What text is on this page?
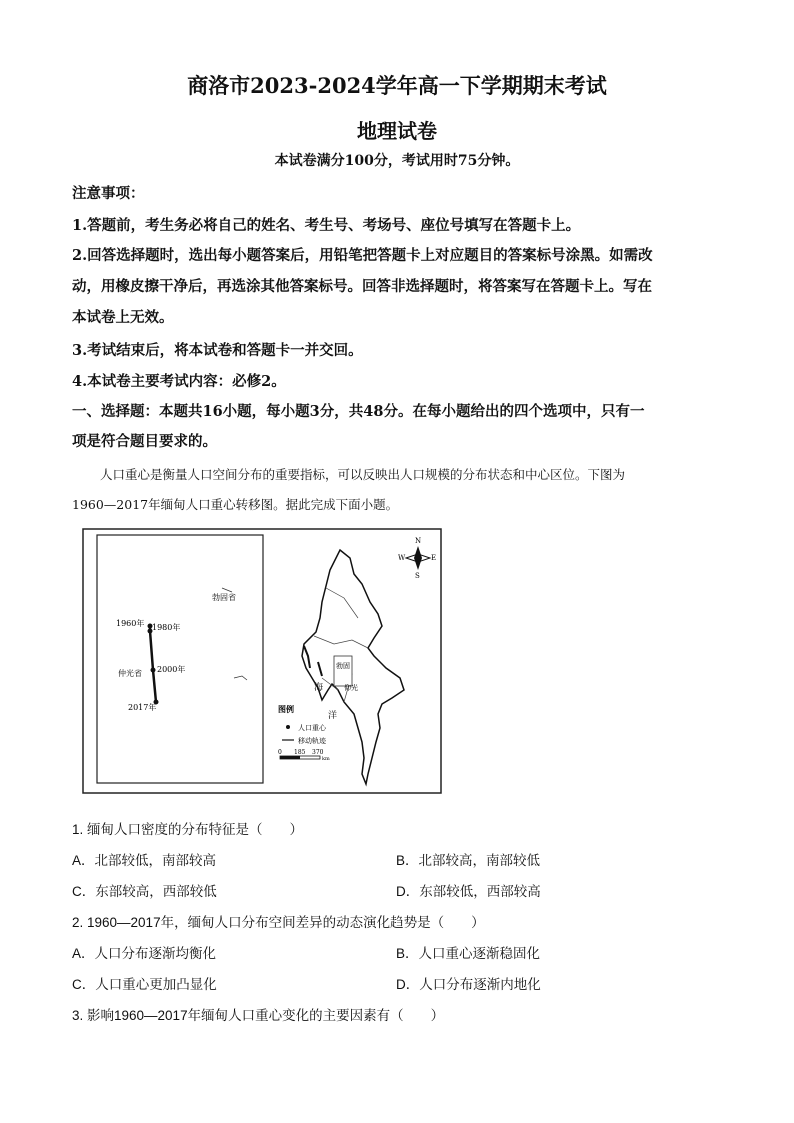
商洛市2023-2024学年高一下学期期末考试
地理试卷
本试卷满分100分，考试用时75分钟。
注意事项：
1.答题前，考生务必将自己的姓名、考生号、考场号、座位号填写在答题卡上。
2.回答选择题时，选出每小题答案后，用铅笔把答题卡上对应题目的答案标号涂黑。如需改
动，用橡皮擦干净后，再选涂其他答案标号。回答非选择题时，将答案写在答题卡上。写在
本试卷上无效。
3.考试结束后，将本试卷和答题卡一并交回。
4.本试卷主要考试内容：必修2。
一、选择题：本题共16小题，每小题3分，共48分。在每小题给出的四个选项中，只有一
项是符合题目要求的。
人口重心是衡量人口空间分布的重要指标，可以反映出人口规模的分布状态和中心区位。下图为
1960—2017年缅甸人口重心转移图。据此完成下面小题。
勃固省
仲光省
1960年 1980年
2000年
2017年
勃固
仰光
海
洋
N
S
W	E
图例
人口重心
移动轨迹
0 185 370
km
1. 缅甸人口密度的分布特征是（　　）
A．北部较低，南部较高	B．北部较高，南部较低
C．东部较高，西部较低	D．东部较低，西部较高
2. 1960—2017年，缅甸人口分布空间差异的动态演化趋势是（　　）
A．人口分布逐渐均衡化	B．人口重心逐渐稳固化
C．人口重心更加凸显化	D．人口分布逐渐内地化
3. 影响1960—2017年缅甸人口重心变化的主要因素有（　　）
